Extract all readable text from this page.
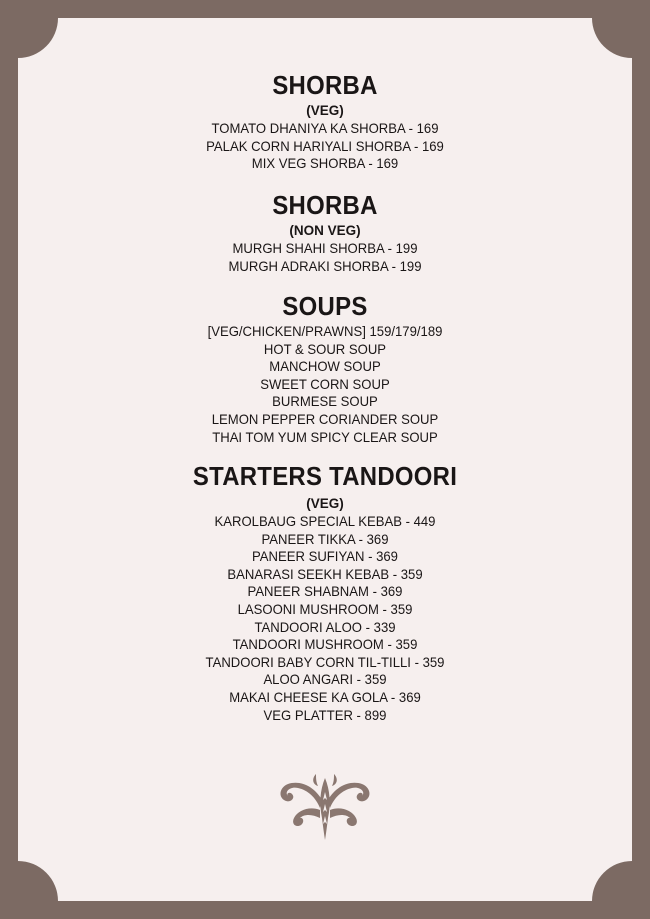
SHORBA
(VEG)

TOMATO DHANIYA KA SHORBA - 169

PALAK CORN HARIYALI SHORBA - 169

MIX VEG SHORBA - 169

SHORBA
(NON VEG)

MURGH SHAHI SHORBA - 199

MURGH ADRAKI SHORBA - 199

SOUPS

[VEG/CHICKEN/PRAWNS] 159/179/189

HOT & SOUR SOUP

MANCHOW SOUP

SWEET CORN SOUP

BURMESE SOUP

LEMON PEPPER CORIANDER SOUP

THAI TOM YUM SPICY CLEAR SOUP

STARTERS TANDOORI
(VEG)

KAROLBAUG SPECIAL KEBAB - 449

PANEER TIKKA - 369

PANEER SUFIYAN - 369

BANARASI SEEKH KEBAB - 359

PANEER SHABNAM - 369

LASOONI MUSHROOM - 359

TANDOORI ALOO - 339

TANDOORI MUSHROOM - 359

TANDOORI BABY CORN TIL-TILLI - 359

ALOO ANGARI - 359

MAKAI CHEESE KA GOLA - 369

VEG PLATTER - 899
